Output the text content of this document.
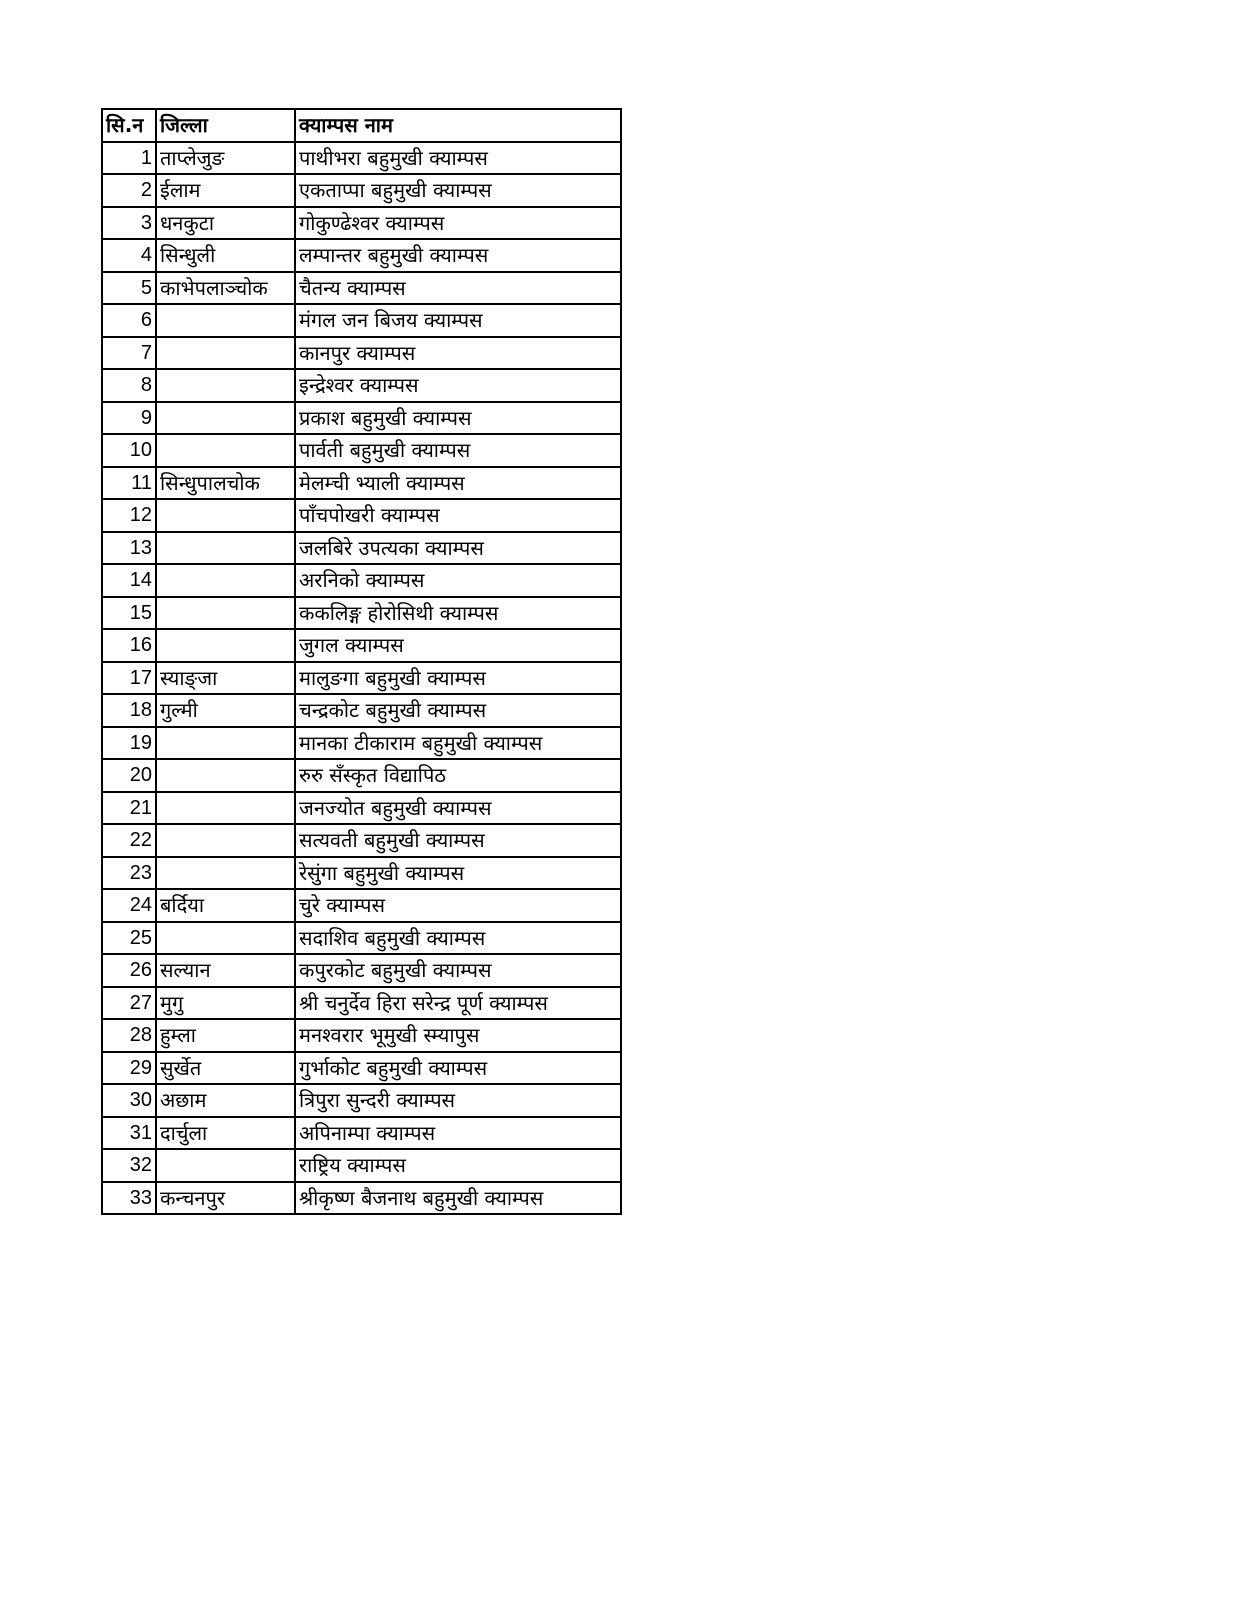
सि.न	जिल्ला	क्याम्पस नाम
1	ताप्लेजुङ	पाथीभरा बहुमुखी क्याम्पस
2	ईलाम	एकताप्पा बहुमुखी क्याम्पस
3	धनकुटा	गोकुण्ढेश्वर क्याम्पस
4	सिन्धुली	लम्पान्तर बहुमुखी क्याम्पस
5	काभेपलाञ्चोक	चैतन्य क्याम्पस
6		मंगल जन बिजय क्याम्पस
7		कानपुर क्याम्पस
8		इन्द्रेश्वर क्याम्पस
9		प्रकाश बहुमुखी क्याम्पस
10		पार्वती बहुमुखी क्याम्पस
11	सिन्धुपालचोक	मेलम्ची भ्याली क्याम्पस
12		पाँचपोखरी क्याम्पस
13		जलबिरे उपत्यका क्याम्पस
14		अरनिको क्याम्पस
15		ककलिङ्ग होरोसिथी क्याम्पस
16		जुगल क्याम्पस
17	स्याङ्जा	मालुङगा बहुमुखी क्याम्पस
18	गुल्मी	चन्द्रकोट बहुमुखी क्याम्पस
19		मानका टीकाराम बहुमुखी क्याम्पस
20		रुरु सँस्कृत विद्यापिठ
21		जनज्योत बहुमुखी क्याम्पस
22		सत्यवती बहुमुखी क्याम्पस
23		रेसुंगा बहुमुखी क्याम्पस
24	बर्दिया	चुरे क्याम्पस
25		सदाशिव बहुमुखी क्याम्पस
26	सल्यान	कपुरकोट बहुमुखी क्याम्पस
27	मुगु	श्री चनुर्देव हिरा सरेन्द्र पूर्ण क्याम्पस
28	हुम्ला	मनश्वरार भूमुखी स्म्यापुस
29	सुर्खेत	गुर्भाकोट बहुमुखी क्याम्पस
30	अछाम	त्रिपुरा सुन्दरी क्याम्पस
31	दार्चुला	अपिनाम्पा क्याम्पस
32		राष्ट्रिय क्याम्पस
33	कन्चनपुर	श्रीकृष्ण बैजनाथ बहुमुखी क्याम्पस
